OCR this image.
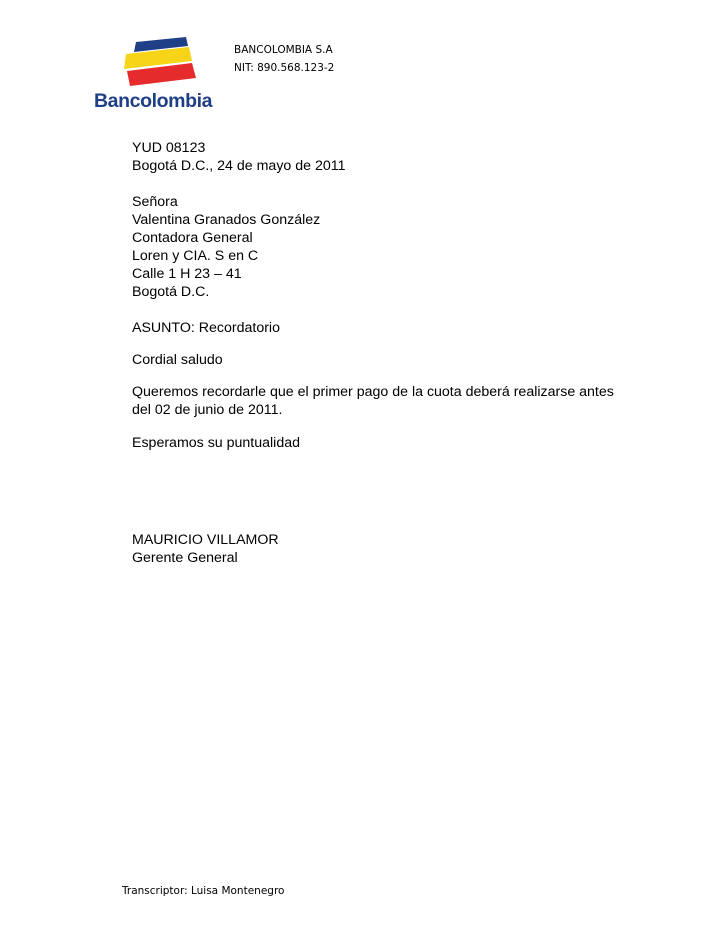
Bancolombia
BANCOLOMBIA S.A
NIT: 890.568.123-2
YUD 08123
Bogotá D.C., 24 de mayo de 2011
Señora
Valentina Granados González
Contadora General
Loren y CIA. S en C
Calle 1 H 23 – 41
Bogotá D.C.
ASUNTO: Recordatorio
Cordial saludo
Queremos recordarle que el primer pago de la cuota deberá realizarse antes del 02 de junio de 2011.
Esperamos su puntualidad
MAURICIO VILLAMOR
Gerente General
Transcriptor: Luisa Montenegro
